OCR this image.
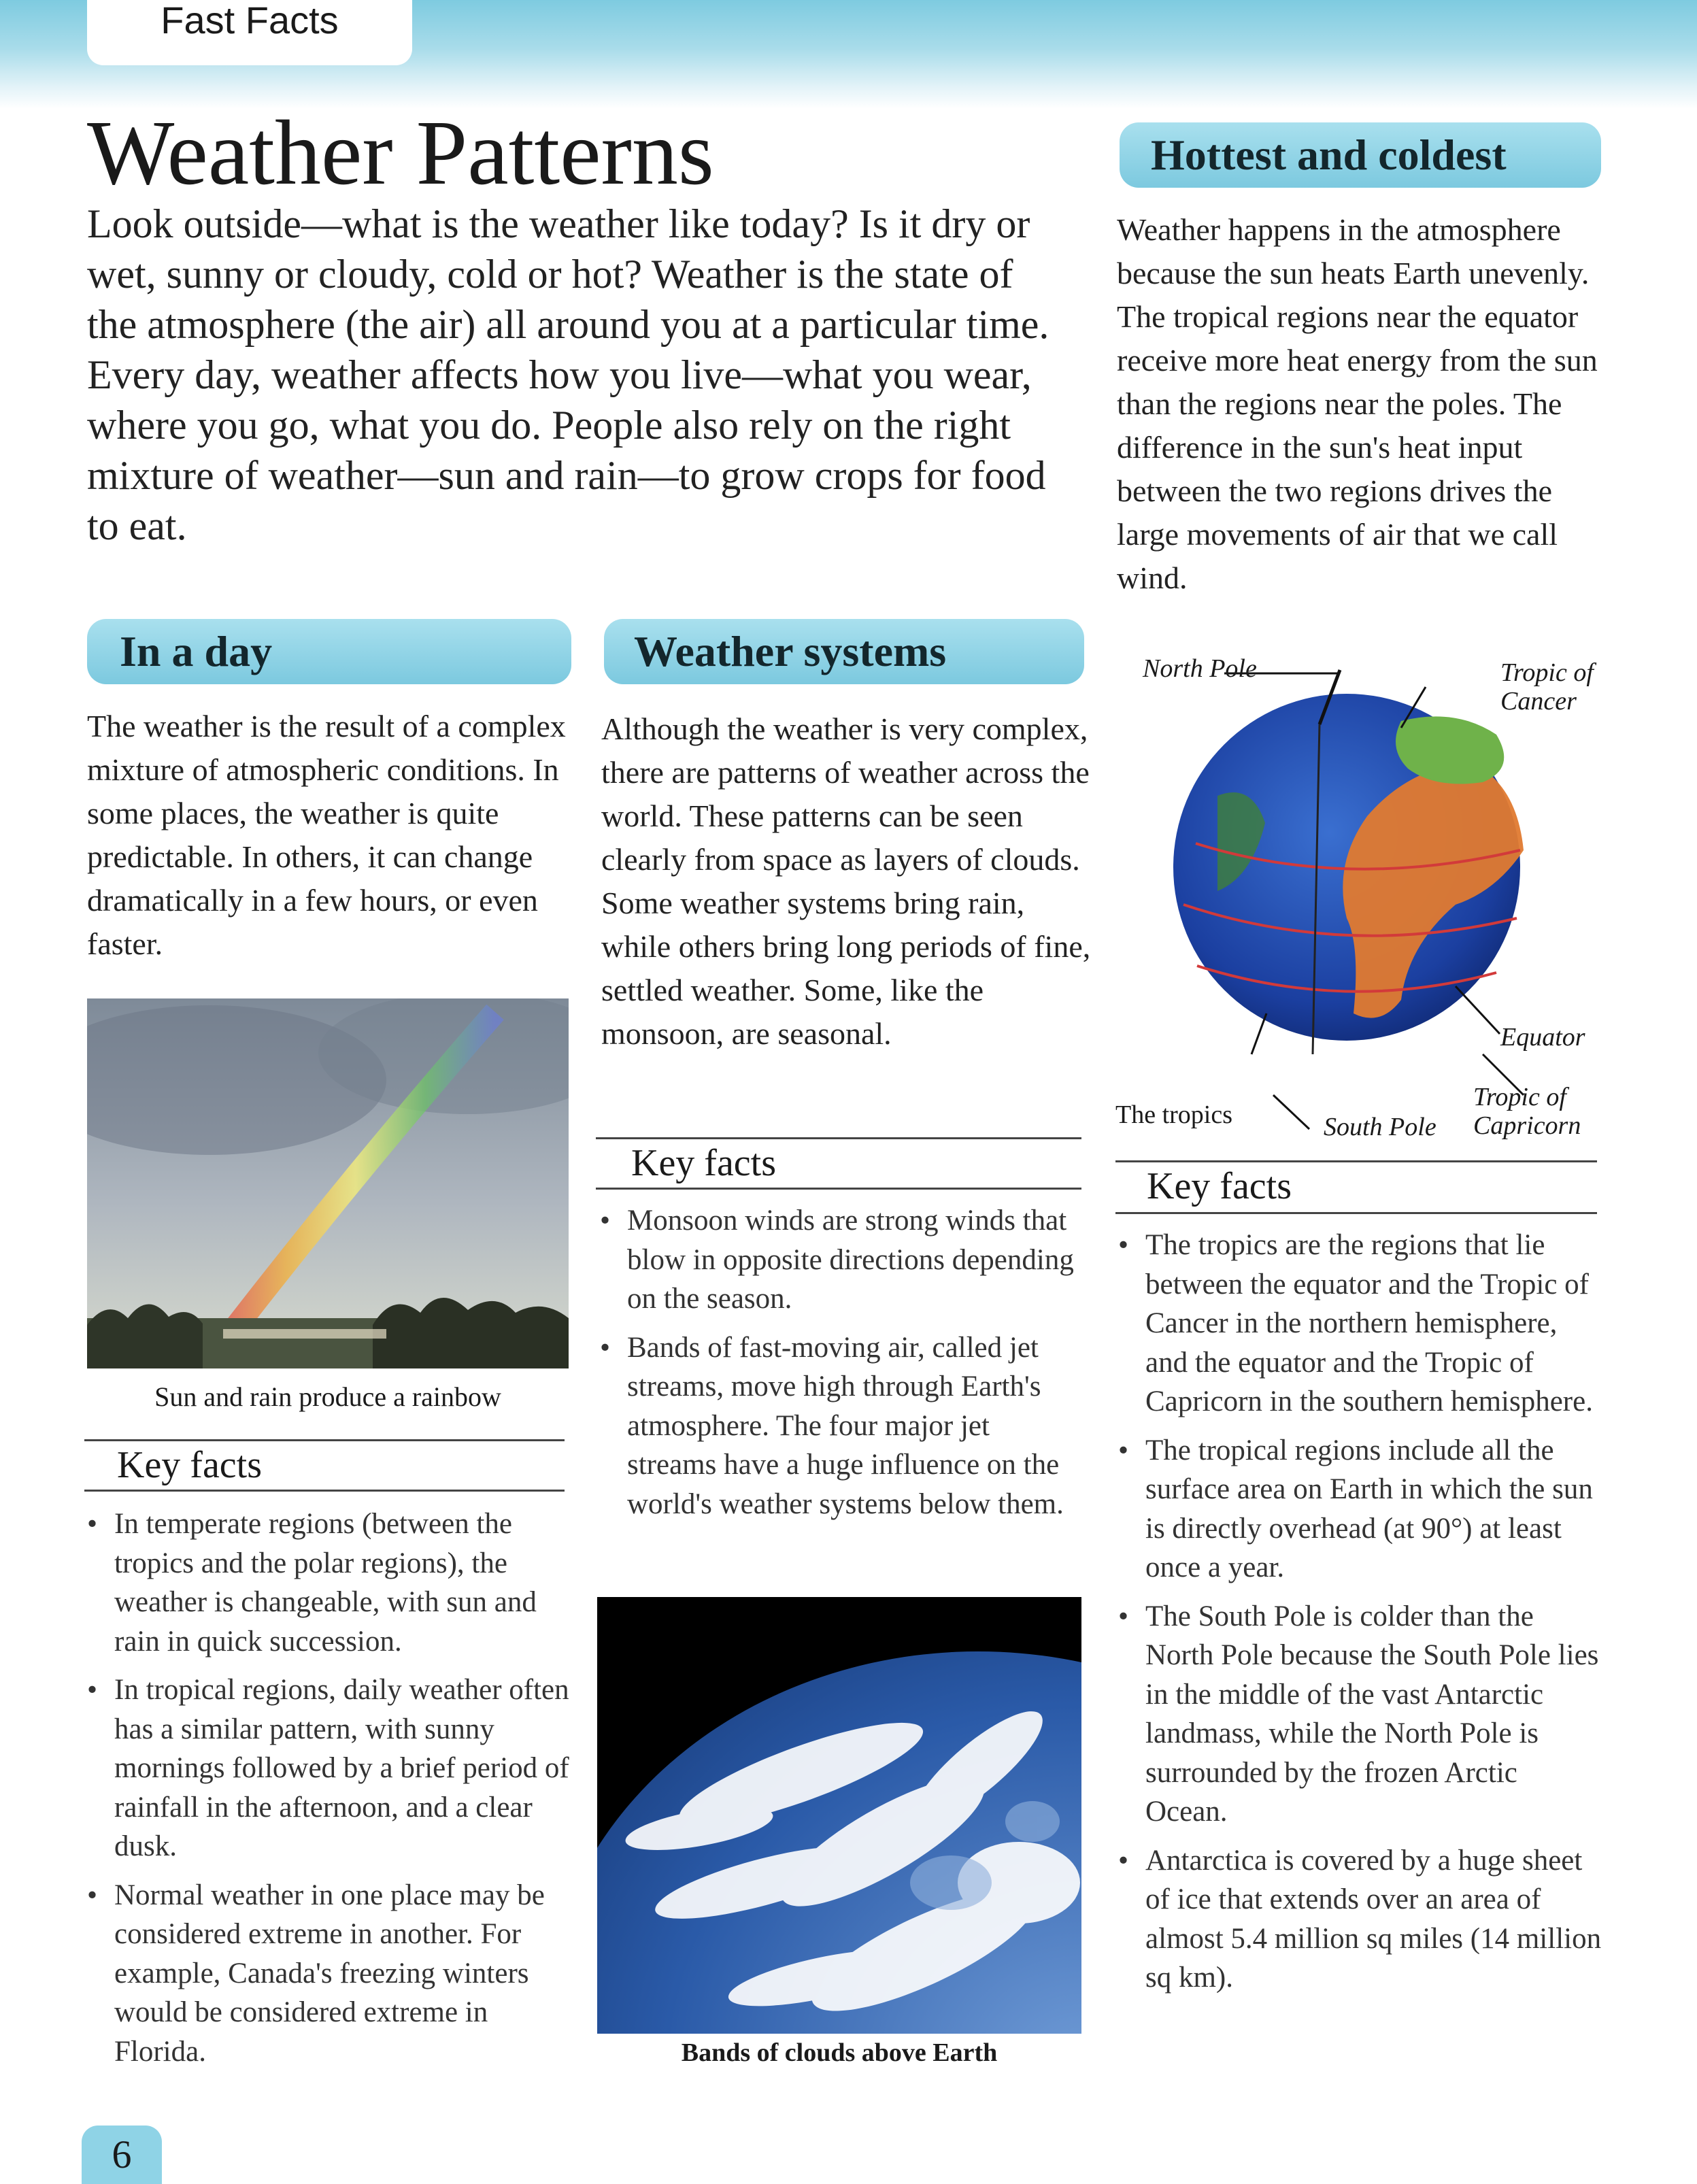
Fast Facts
Weather Patterns

Look outside—what is the weather like today? Is it dry or wet, sunny or cloudy, cold or hot? Weather is the state of the atmosphere (the air) all around you at a particular time. Every day, weather affects how you live—what you wear, where you go, what you do. People also rely on the right mixture of weather—sun and rain—to grow crops for food to eat.

In a day

The weather is the result of a complex mixture of atmospheric conditions. In some places, the weather is quite predictable. In others, it can change dramatically in a few hours, or even faster.

Sun and rain produce a rainbow
Key facts
• In temperate regions (between the tropics and the polar regions), the weather is changeable, with sun and rain in quick succession.
• In tropical regions, daily weather often has a similar pattern, with sunny mornings followed by a brief period of rainfall in the afternoon, and a clear dusk.
• Normal weather in one place may be considered extreme in another. For example, Canada's freezing winters would be considered extreme in Florida.
Weather systems

Although the weather is very complex, there are patterns of weather across the world. These patterns can be seen clearly from space as layers of clouds. Some weather systems bring rain, while others bring long periods of fine, settled weather. Some, like the monsoon, are seasonal.

Key facts
• Monsoon winds are strong winds that blow in opposite directions depending on the season.
• Bands of fast-moving air, called jet streams, move high through Earth's atmosphere. The four major jet streams have a huge influence on the world's weather systems below them.
Bands of clouds above Earth
Hottest and coldest

Weather happens in the atmosphere because the sun heats Earth unevenly. The tropical regions near the equator receive more heat energy from the sun than the regions near the poles. The difference in the sun's heat input between the two regions drives the large movements of air that we call wind.

North Pole	Tropic of Cancer
Equator
Tropic of Capricorn
South Pole
The tropics
Key facts
• The tropics are the regions that lie between the equator and the Tropic of Cancer in the northern hemisphere, and the equator and the Tropic of Capricorn in the southern hemisphere.
• The tropical regions include all the surface area on Earth in which the sun is directly overhead (at 90°) at least once a year.
• The South Pole is colder than the North Pole because the South Pole lies in the middle of the vast Antarctic landmass, while the North Pole is surrounded by the frozen Arctic Ocean.
• Antarctica is covered by a huge sheet of ice that extends over an area of almost 5.4 million sq miles (14 million sq km).
6
